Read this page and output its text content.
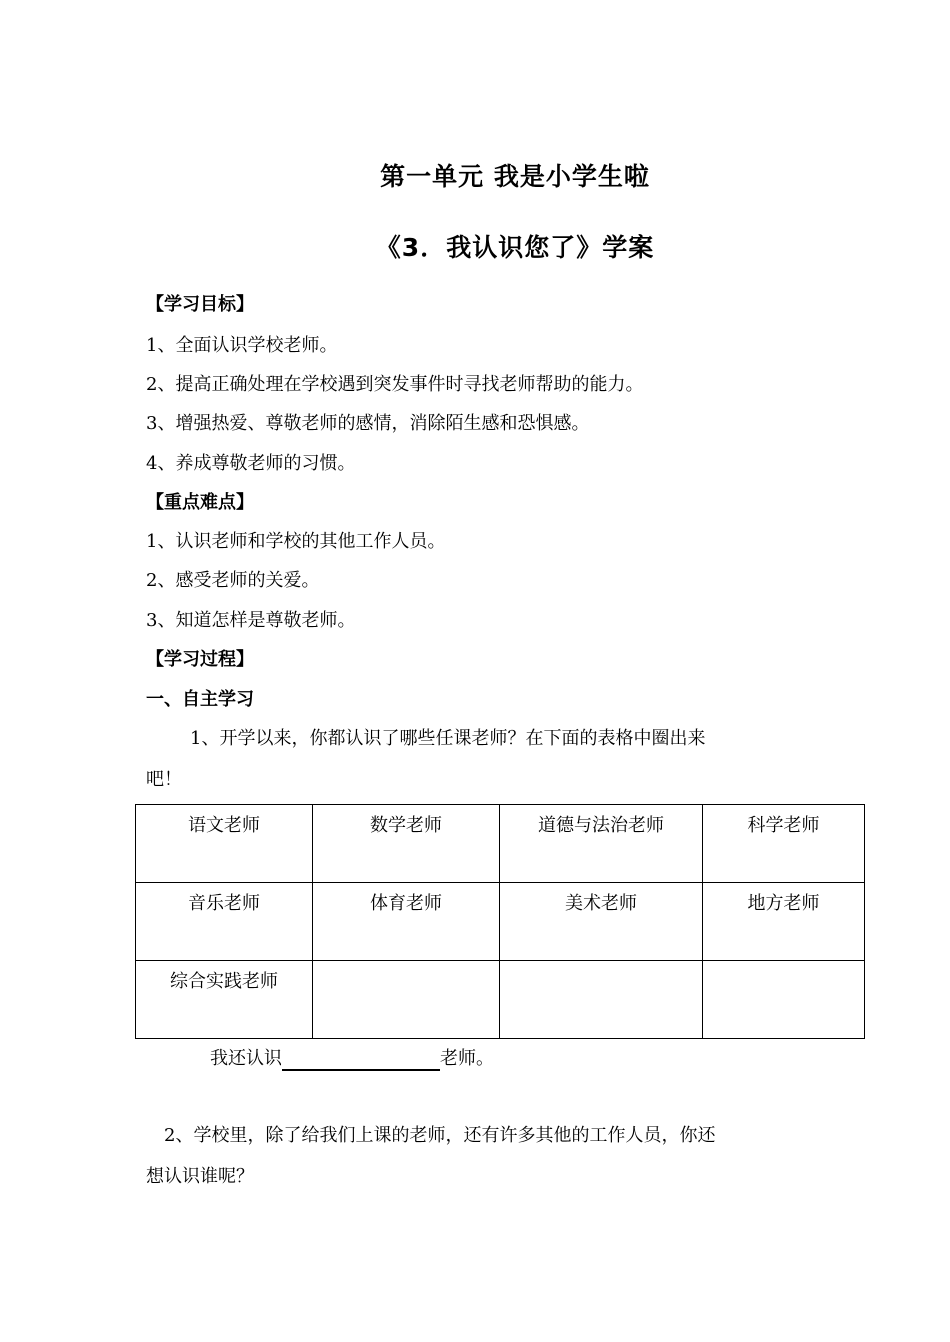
第一单元 我是小学生啦
《3．我认识您了》学案
【学习目标】
1、全面认识学校老师。
2、提高正确处理在学校遇到突发事件时寻找老师帮助的能力。
3、增强热爱、尊敬老师的感情，消除陌生感和恐惧感。
4、养成尊敬老师的习惯。
【重点难点】
1、认识老师和学校的其他工作人员。
2、感受老师的关爱。
3、知道怎样是尊敬老师。
【学习过程】
一、自主学习
1、开学以来，你都认识了哪些任课老师？在下面的表格中圈出来
吧！
语文老师	数学老师	道德与法治老师	科学老师
音乐老师	体育老师	美术老师	地方老师
综合实践老师			
我还认识	老师。
2、学校里，除了给我们上课的老师，还有许多其他的工作人员，你还
想认识谁呢？
